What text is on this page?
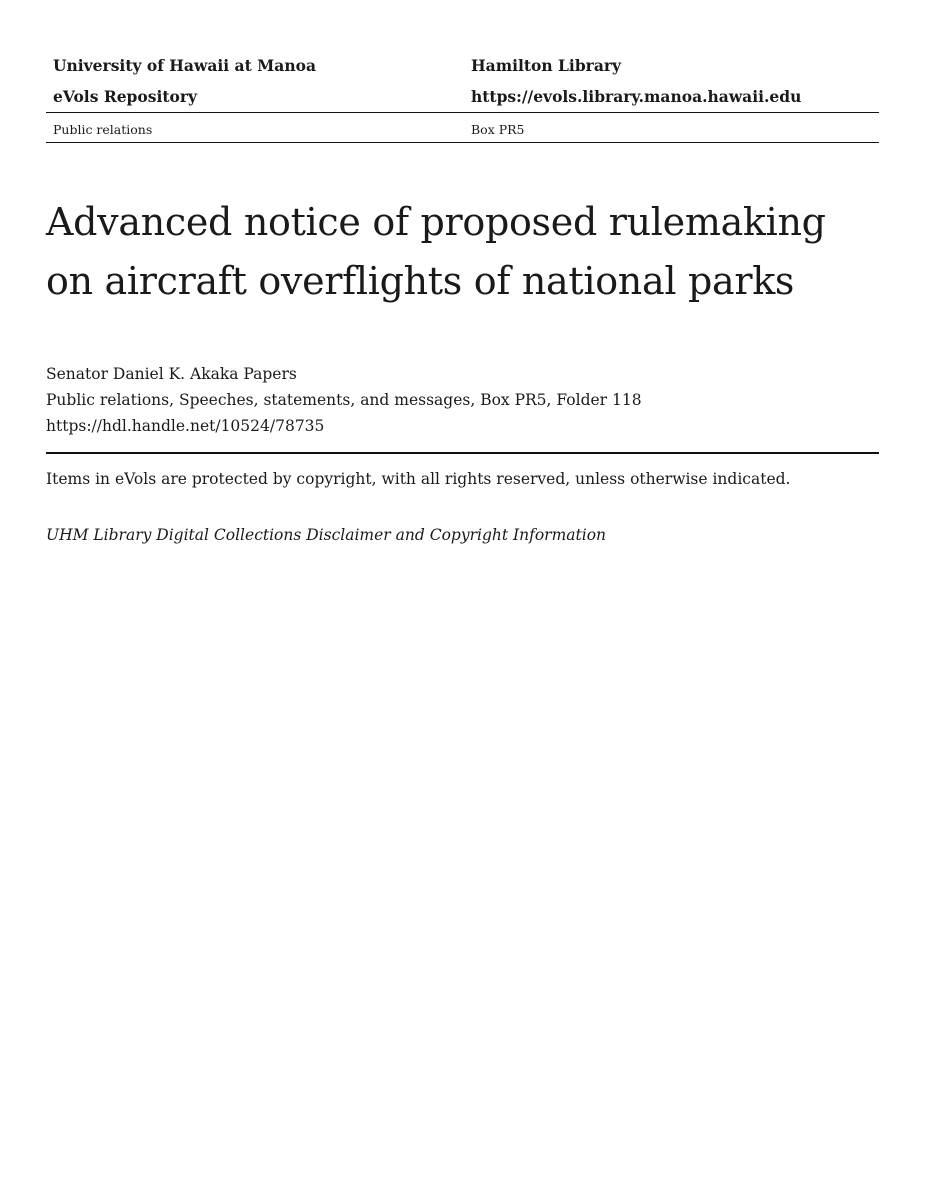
University of Hawaii at Manoa	Hamilton Library
eVols Repository	https://evols.library.manoa.hawaii.edu
Public relations	Box PR5
Advanced notice of proposed rulemaking on aircraft overflights of national parks
Senator Daniel K. Akaka Papers
Public relations, Speeches, statements, and messages, Box PR5, Folder 118
https://hdl.handle.net/10524/78735
Items in eVols are protected by copyright, with all rights reserved, unless otherwise indicated.
UHM Library Digital Collections Disclaimer and Copyright Information
